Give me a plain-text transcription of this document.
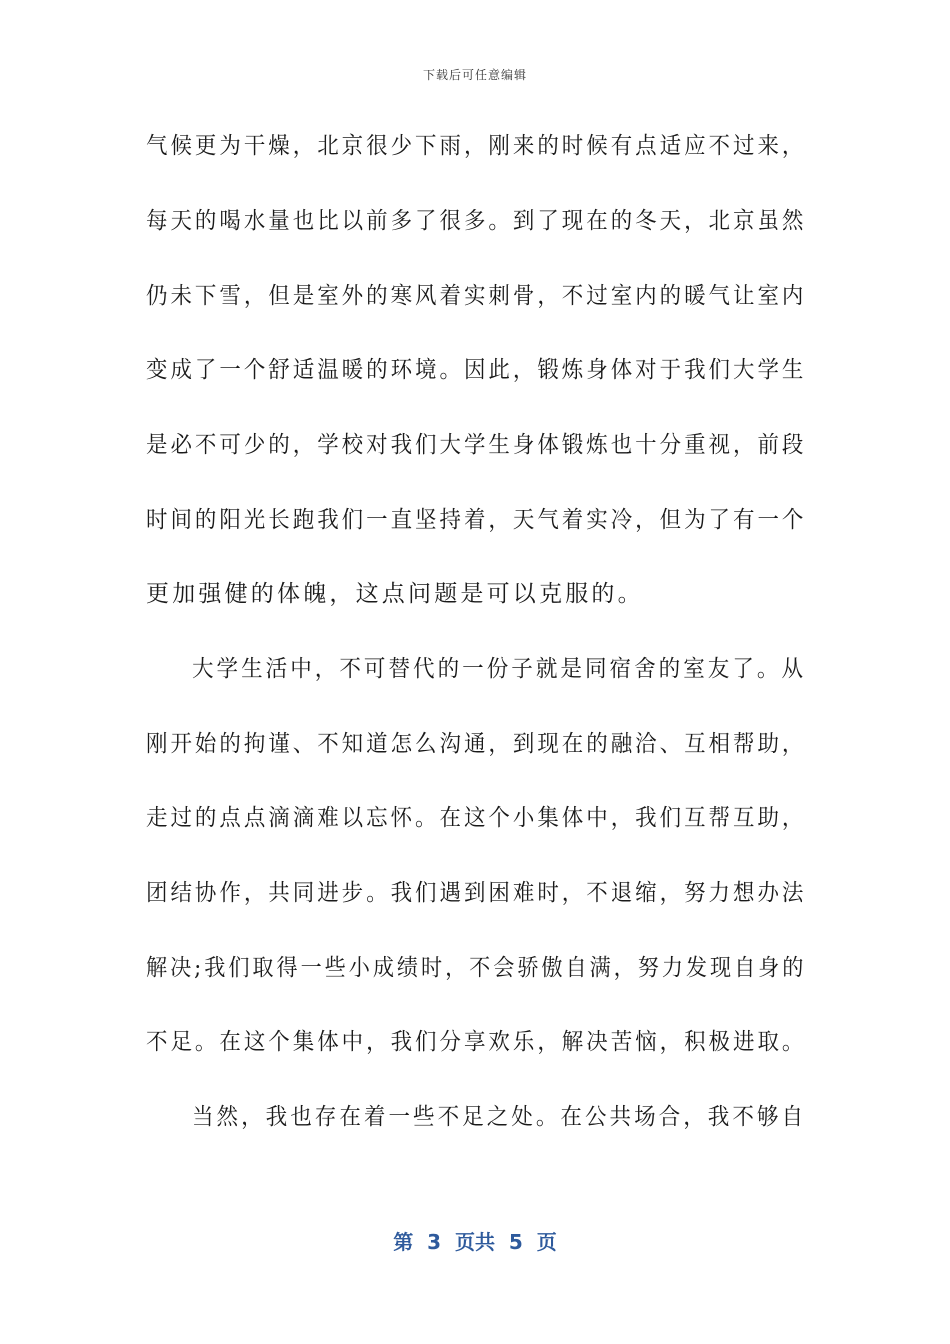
下载后可任意编辑
气候更为干燥，北京很少下雨，刚来的时候有点适应不过来，
每天的喝水量也比以前多了很多。到了现在的冬天，北京虽然
仍未下雪，但是室外的寒风着实刺骨，不过室内的暖气让室内
变成了一个舒适温暖的环境。因此，锻炼身体对于我们大学生
是必不可少的，学校对我们大学生身体锻炼也十分重视，前段
时间的阳光长跑我们一直坚持着，天气着实冷，但为了有一个
更加强健的体魄，这点问题是可以克服的。
大学生活中，不可替代的一份子就是同宿舍的室友了。从
刚开始的拘谨、不知道怎么沟通，到现在的融洽、互相帮助，
走过的点点滴滴难以忘怀。在这个小集体中，我们互帮互助，
团结协作，共同进步。我们遇到困难时，不退缩，努力想办法
解决;我们取得一些小成绩时，不会骄傲自满，努力发现自身的
不足。在这个集体中，我们分享欢乐，解决苦恼，积极进取。
当然，我也存在着一些不足之处。在公共场合，我不够自
第  3  页共  5  页
